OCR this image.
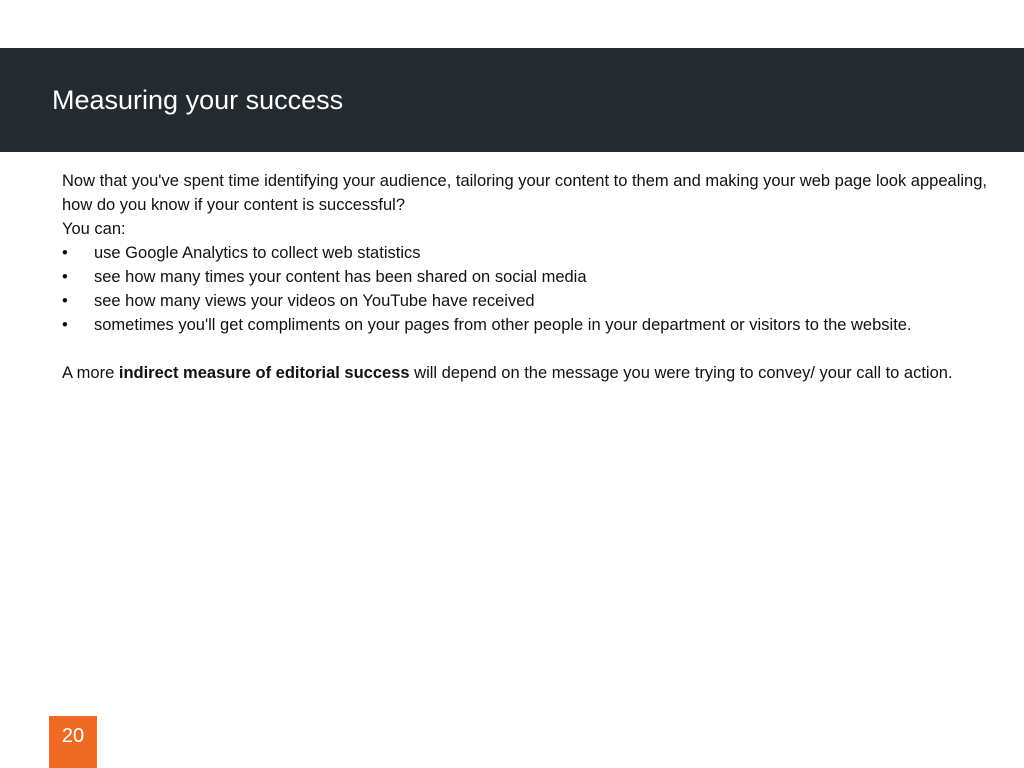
Measuring your success

Now that you've spent time identifying your audience, tailoring your content to them and making your web page look appealing, how do you know if your content is successful?

You can:

• use Google Analytics to collect web statistics
• see how many times your content has been shared on social media
• see how many views your videos on YouTube have received
• sometimes you'll get compliments on your pages from other people in your department or visitors to the website.

A more indirect measure of editorial success will depend on the message you were trying to convey/ your call to action.

20
